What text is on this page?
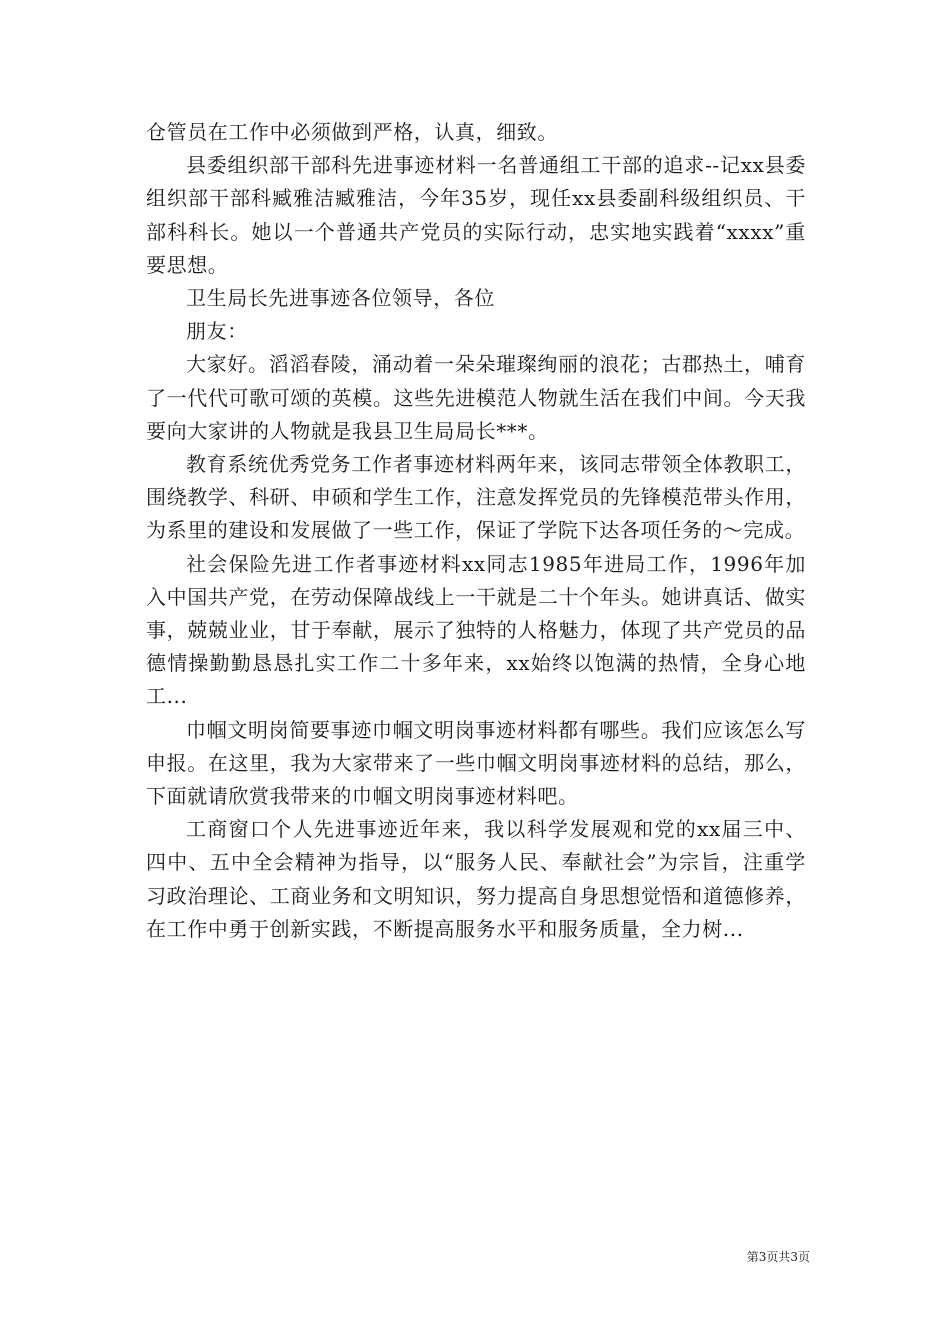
仓管员在工作中必须做到严格，认真，细致。

县委组织部干部科先进事迹材料一名普通组工干部的追求--记xx县委组织部干部科臧雅洁臧雅洁，今年35岁，现任xx县委副科级组织员、干部科科长。她以一个普通共产党员的实际行动，忠实地实践着“xxxx”重要思想。

卫生局长先进事迹各位领导，各位

朋友：

大家好。滔滔春陵，涌动着一朵朵璀璨绚丽的浪花；古郡热土，哺育了一代代可歌可颂的英模。这些先进模范人物就生活在我们中间。今天我要向大家讲的人物就是我县卫生局局长***。

教育系统优秀党务工作者事迹材料两年来，该同志带领全体教职工，围绕教学、科研、申硕和学生工作，注意发挥党员的先锋模范带头作用，为系里的建设和发展做了一些工作，保证了学院下达各项任务的～完成。

社会保险先进工作者事迹材料xx同志1985年进局工作，1996年加入中国共产党，在劳动保障战线上一干就是二十个年头。她讲真话、做实事，兢兢业业，甘于奉献，展示了独特的人格魅力，体现了共产党员的品德情操勤勤恳恳扎实工作二十多年来，xx始终以饱满的热情，全身心地工...

巾帼文明岗简要事迹巾帼文明岗事迹材料都有哪些。我们应该怎么写申报。在这里，我为大家带来了一些巾帼文明岗事迹材料的总结，那么，下面就请欣赏我带来的巾帼文明岗事迹材料吧。

工商窗口个人先进事迹近年来，我以科学发展观和党的xx届三中、四中、五中全会精神为指导，以“服务人民、奉献社会”为宗旨，注重学习政治理论、工商业务和文明知识，努力提高自身思想觉悟和道德修养，在工作中勇于创新实践，不断提高服务水平和服务质量，全力树...

第3页共3页
